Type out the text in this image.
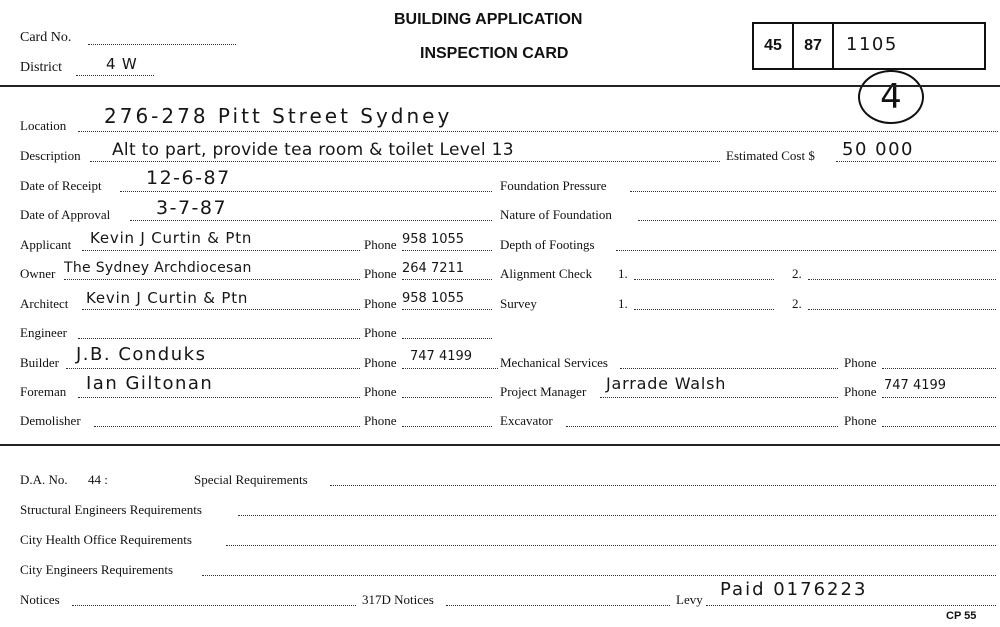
Card No.
District	4 W
BUILDING APPLICATION
INSPECTION CARD	45	87	1105
4
Location 276-278 Pitt Street Sydney
Description Alt to part, provide tea room & toilet Level 13	Estimated Cost $ 50 000
Date of Receipt 12-6-87
Date of Approval 3-7-87
Applicant Kevin J Curtin & Ptn	Phone 958 1055
Owner The Sydney Archdiocesan	Phone 264 7211
Architect Kevin J Curtin & Ptn	Phone 958 1055
Engineer	Phone
Builder J.B. Conduks	Phone 747 4199
Foreman Ian Giltonan	Phone
Demolisher	Phone
Foundation Pressure
Nature of Foundation
Depth of Footings
Alignment Check 1.	2.
Survey	1.	2.
Mechanical Services	Phone
Project Manager Jarrade Walsh	Phone 747 4199
Excavator	Phone
D.A. No. 44 :	Special Requirements
Structural Engineers Requirements
City Health Office Requirements
City Engineers Requirements
Notices	317D Notices	Levy Paid 0176223
CP 55
